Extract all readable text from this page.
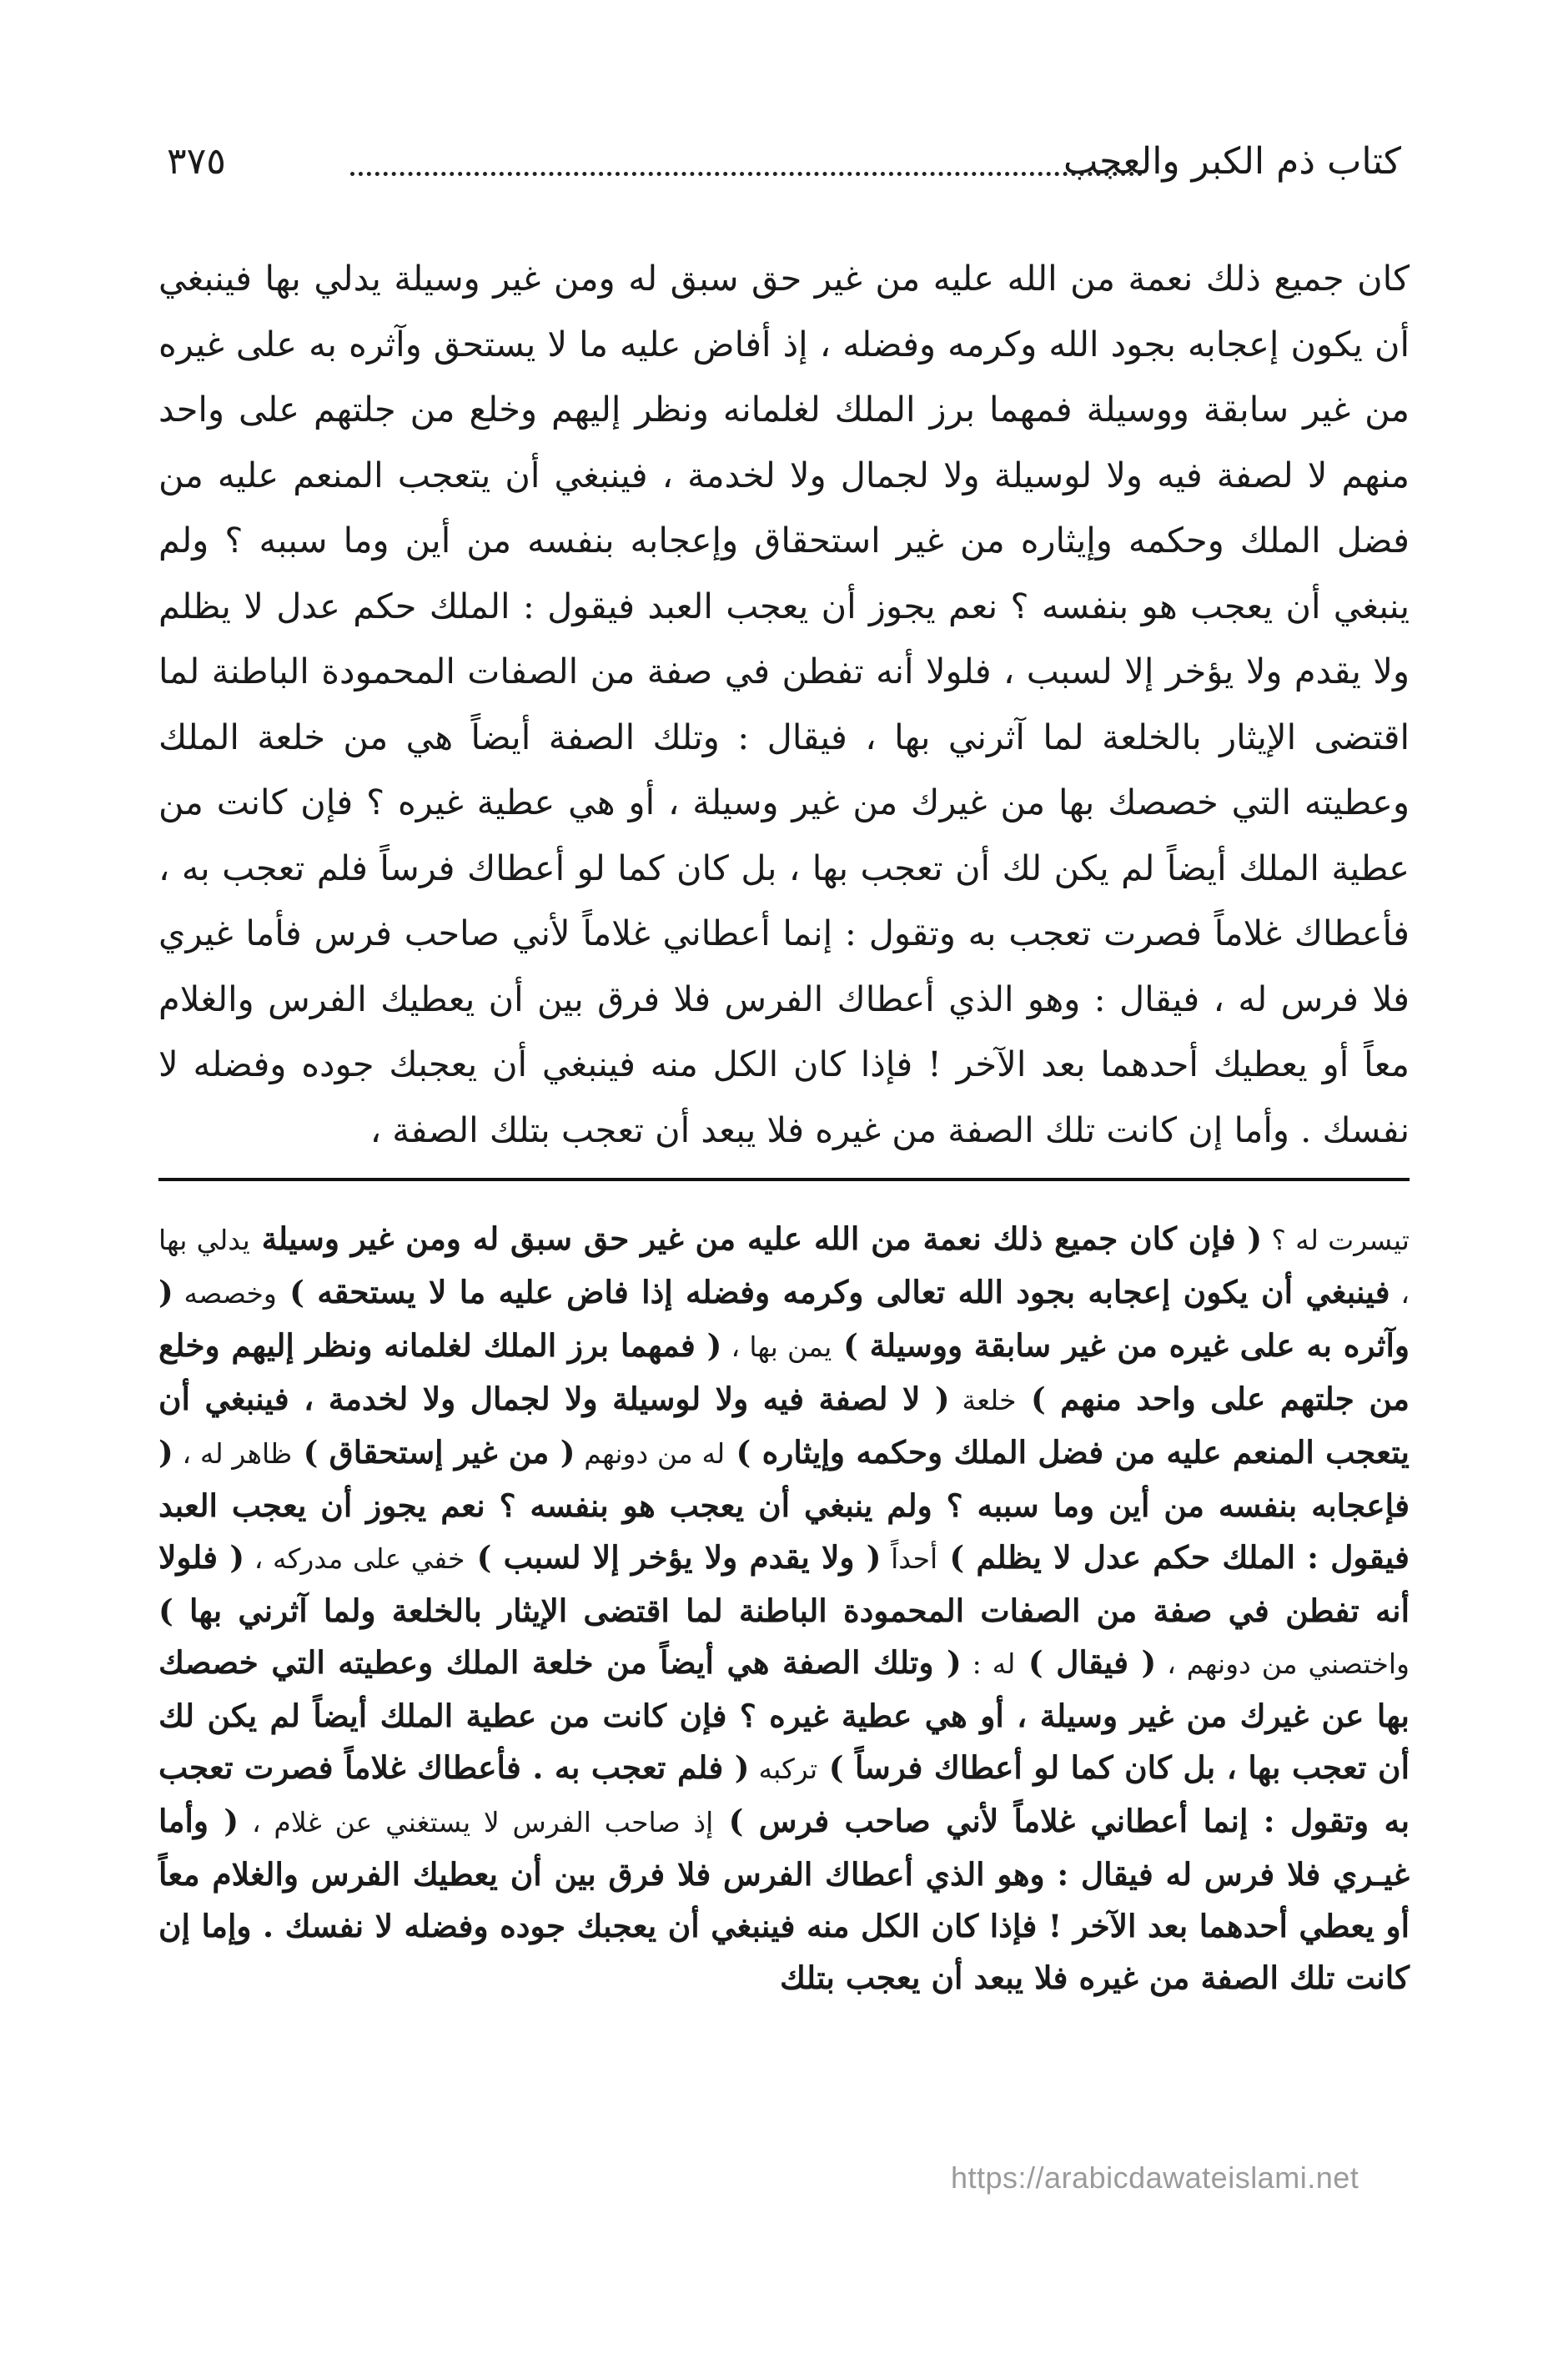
كتاب ذم الكبر والعجب
٣٧٥

كان جميع ذلك نعمة من الله عليه من غير حق سبق له ومن غير وسيلة يدلي بها فينبغي أن يكون إعجابه بجود الله وكرمه وفضله ، إذ أفاض عليه ما لا يستحق وآثره به على غيره من غير سابقة ووسيلة فمهما برز الملك لغلمانه ونظر إليهم وخلع من جلتهم على واحد منهم لا لصفة فيه ولا لوسيلة ولا لجمال ولا لخدمة ، فينبغي أن يتعجب المنعم عليه من فضل الملك وحكمه وإيثاره من غير استحقاق وإعجابه بنفسه من أين وما سببه ؟ ولم ينبغي أن يعجب هو بنفسه ؟ نعم يجوز أن يعجب العبد فيقول : الملك حكم عدل لا يظلم ولا يقدم ولا يؤخر إلا لسبب ، فلولا أنه تفطن في صفة من الصفات المحمودة الباطنة لما اقتضى الإيثار بالخلعة لما آثرني بها ، فيقال : وتلك الصفة أيضاً هي من خلعة الملك وعطيته التي خصصك بها من غيرك من غير وسيلة ، أو هي عطية غيره ؟ فإن كانت من عطية الملك أيضاً لم يكن لك أن تعجب بها ، بل كان كما لو أعطاك فرساً فلم تعجب به ، فأعطاك غلاماً فصرت تعجب به وتقول : إنما أعطاني غلاماً لأني صاحب فرس فأما غيري فلا فرس له ، فيقال : وهو الذي أعطاك الفرس فلا فرق بين أن يعطيك الفرس والغلام معاً أو يعطيك أحدهما بعد الآخر ! فإذا كان الكل منه فينبغي أن يعجبك جوده وفضله لا نفسك . وأما إن كانت تلك الصفة من غيره فلا يبعد أن تعجب بتلك الصفة ،

تيسرت له ؟ ( فإن كان جميع ذلك نعمة من الله عليه من غير حق سبق له ومن غير وسيلة يدلي بها ، فينبغي أن يكون إعجابه بجود الله تعالى وكرمه وفضله إذا فاض عليه ما لا يستحقه ) وخصصه ( وآثره به على غيره من غير سابقة ووسيلة ) يمن بها ، ( فمهما برز الملك لغلمانه ونظر إليهم وخلع من جلتهم على واحد منهم ) خلعة ( لا لصفة فيه ولا لوسيلة ولا لجمال ولا لخدمة ، فينبغي أن يتعجب المنعم عليه من فضل الملك وحكمه وإيثاره ) له من دونهم ( من غير إستحقاق ) ظاهر له ، ( فإعجابه بنفسه من أين وما سببه ؟ ولم ينبغي أن يعجب هو بنفسه ؟ نعم يجوز أن يعجب العبد فيقول : الملك حكم عدل لا يظلم ) أحداً ( ولا يقدم ولا يؤخر إلا لسبب ) خفي على مدركه ، ( فلولا أنه تفطن في صفة من الصفات المحمودة الباطنة لما اقتضى الإيثار بالخلعة ولما آثرني بها ) واختصني من دونهم ، ( فيقال ) له : ( وتلك الصفة هي أيضاً من خلعة الملك وعطيته التي خصصك بها عن غيرك من غير وسيلة ، أو هي عطية غيره ؟ فإن كانت من عطية الملك أيضاً لم يكن لك أن تعجب بها ، بل كان كما لو أعطاك فرساً ) تركبه ( فلم تعجب به . فأعطاك غلاماً فصرت تعجب به وتقول : إنما أعطاني غلاماً لأني صاحب فرس ) إذ صاحب الفرس لا يستغني عن غلام ، ( وأما غيـري فلا فرس له فيقال : وهو الذي أعطاك الفرس فلا فرق بين أن يعطيك الفرس والغلام معاً أو يعطي أحدهما بعد الآخر ! فإذا كان الكل منه فينبغي أن يعجبك جوده وفضله لا نفسك . وإما إن كانت تلك الصفة من غيره فلا يبعد أن يعجب بتلك

https://arabicdawateislami.net
